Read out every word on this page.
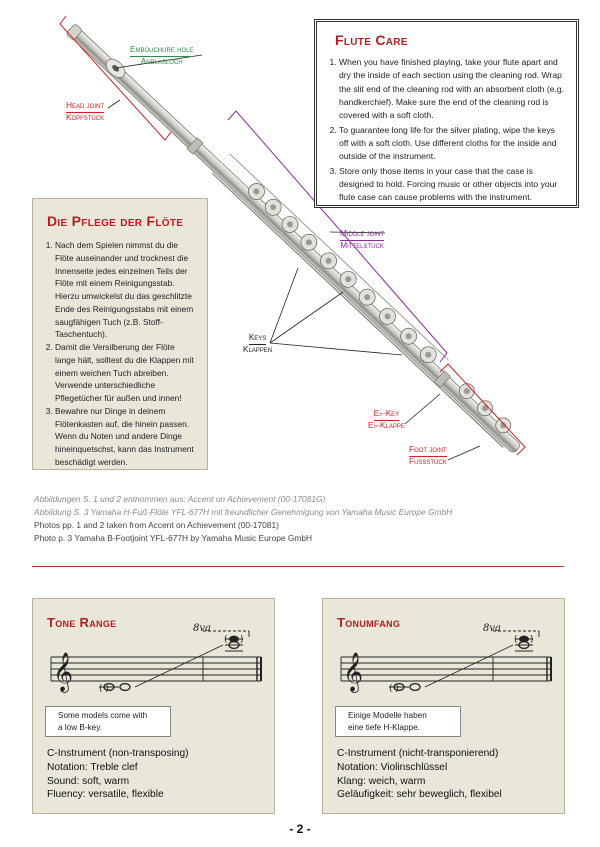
Flute Care
1. When you have finished playing, take your flute apart and dry the inside of each section using the cleaning rod. Wrap the slit end of the cleaning rod with an absorbent cloth (e.g. handkerchief). Make sure the end of the cleaning rod is covered with a soft cloth.
2. To guarantee long life for the silver plating, wipe the keys off with a soft cloth. Use different cloths for the inside and outside of the instrument.
3. Store only those items in your case that the case is designed to hold. Forcing music or other objects into your flute case can cause problems with the instrument.
Die Pflege der Flöte
1. Nach dem Spielen nimmst du die Flöte auseinander und trocknest die Innenseite jedes einzelnen Teils der Flöte mit einem Reinigungsstab. Hierzu umwickelst du das geschlitzte Ende des Reinigungsstabs mit einem saugfähigen Tuch (z.B. Stoff-Taschentuch).
2. Damit die Versilberung der Flöte lange hält, solltest du die Klappen mit einem weichen Tuch abreiben. Verwende unterschiedliche Pflegetücher für außen und innen!
3. Bewahre nur Dinge in deinem Flötenkasten auf, die hinein passen. Wenn du Noten und andere Dinge hineinquetschst, kann das Instrument beschädigt werden.
Embouchure hole
Anblasloch
Head joint
Kopfstück
Middle joint
Mittelstück
Keys
Klappen
E♭-Key
E♭-Klappe
Foot joint
Fussstück
Abbildungen S. 1 und 2 entnommen aus: Accent on Achievement (00-17081G)
Abbildung S. 3 Yamaha H-Fuß-Flöte YFL-677H mit freundlicher Genehmigung von Yamaha Music Europe GmbH
Photos pp. 1 and 2 taken from Accent on Achievement (00-17081)
Photo p. 3 Yamaha B-Footjoint YFL-677H by Yamaha Music Europe GmbH
Tone Range
𝄞	( )
( )
8va
Some models come with
a low B-key.
C-Instrument (non-transposing)
Notation: Treble clef
Sound: soft, warm
Fluency: versatile, flexible
Tonumfang
𝄞	( )
( )
8va
Einige Modelle haben
eine tiefe H-Klappe.
C-Instrument (nicht-transponierend)
Notation: Violinschlüssel
Klang: weich, warm
Geläufigkeit: sehr beweglich, flexibel
- 2 -
